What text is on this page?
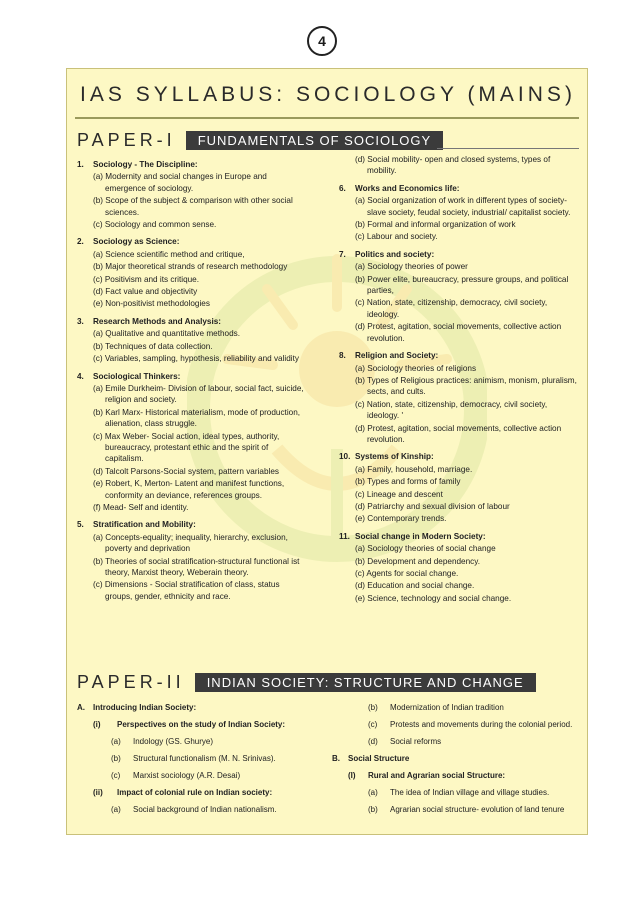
4
IAS SYLLABUS: SOCIOLOGY (MAINS)
PAPER-I	FUNDAMENTALS OF SOCIOLOGY
1.	Sociology - The Discipline:
(a) Modernity and social changes in Europe and emergence of sociology.
(b) Scope of the subject & comparison with other social sciences.
(c) Sociology and common sense.
2.	Sociology as Science:
(a) Science scientific method and critique,
(b) Major theoretical strands of research methodology
(c) Positivism and its critique.
(d) Fact value and objectivity
(e) Non-positivist methodologies
3.	Research Methods and Analysis:
(a) Qualitative and quantitative methods.
(b) Techniques of data collection.
(c) Variables, sampling, hypothesis, reliability and validity
4.	Sociological Thinkers:
(a) Emile Durkheim- Division of labour, social fact, suicide, religion and society.
(b) Karl Marx- Historical materialism, mode of production, alienation, class struggle.
(c) Max Weber- Social action, ideal types, authority, bureaucracy, protestant ethic and the spirit of capitalism.
(d) Talcolt Parsons-Social system, pattern variables
(e) Robert, K, Merton- Latent and manifest functions, conformity an deviance, references groups.
(f) Mead- Self and identity.
5.	Stratification and Mobility:
(a) Concepts-equality; inequality, hierarchy, exclusion, poverty and deprivation
(b) Theories of social stratification-structural functional ist theory, Marxist theory, Weberain theory.
(c) Dimensions - Social stratification of class, status groups, gender, ethnicity and race.
(d) Social mobility- open and closed systems, types of mobility.
6.	Works and Economics life:
(a) Social organization of work in different types of society-slave society, feudal society, industrial/ capitalist society.
(b) Formal and informal organization of work
(c) Labour and society.
7.	Politics and society:
(a) Sociology theories of power
(b) Power elite, bureaucracy, pressure groups, and political parties,
(c) Nation, state, citizenship, democracy, civil society, ideology.
(d) Protest, agitation, social movements, collective action revolution.
8.	Religion and Society:
(a) Sociology theories of religions
(b) Types of Religious practices: animism, monism, pluralism, sects, and cults.
(c) Nation, state, citizenship, democracy, civil society, ideology. '
(d) Protest, agitation, social movements, collective action revolution.
10. Systems of Kinship:
(a) Family, household, marriage.
(b) Types and forms of family
(c) Lineage and descent
(d) Patriarchy and sexual division of labour
(e) Contemporary trends.
11. Social change in Modern Society:
(a) Sociology theories of social change
(b) Development and dependency.
(c) Agents for social change.
(d) Education and social change.
(e) Science, technology and social change.
PAPER-II	INDIAN SOCIETY: STRUCTURE AND CHANGE
A.	Introducing Indian Society:
(i)	Perspectives on the study of Indian Society:
(a)	Indology (GS. Ghurye)
(b)	Structural functionalism (M. N. Srinivas).
(c)	Marxist sociology (A.R. Desai)
(ii)	Impact of colonial rule on Indian society:
(a)	Social background of Indian nationalism.
(b)	Modernization of Indian tradition
(c)	Protests and movements during the colonial period.
(d)	Social reforms
B.	Social Structure
(I)	Rural and Agrarian social Structure:
(a)	The idea of Indian village and village studies.
(b)	Agrarian social structure- evolution of land tenure
